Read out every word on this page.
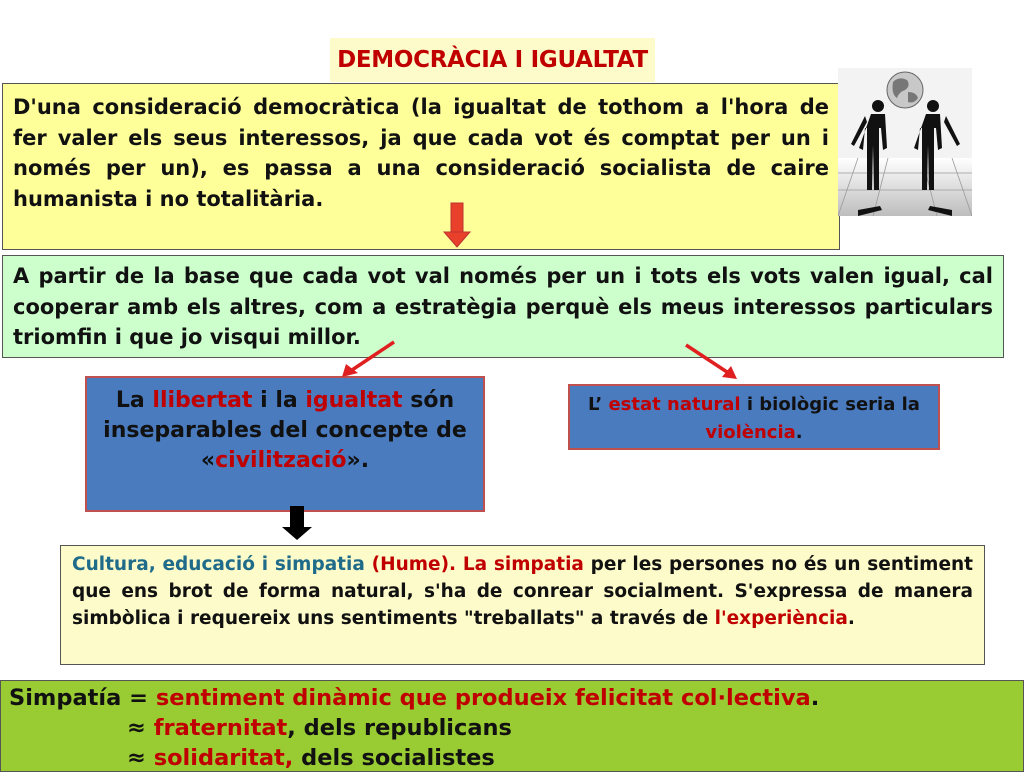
DEMOCRÀCIA I IGUALTAT
D'una consideració democràtica (la igualtat de tothom a l'hora de fer valer els seus interessos, ja que cada vot és comptat per un i només per un), es passa a una consideració socialista de caire humanista i no totalitària.
A partir de la base que cada vot val només per un i tots els vots valen igual, cal cooperar amb els altres, com a estratègia perquè els meus interessos particulars triomfin i que jo visqui millor.
La llibertat i la igualtat són inseparables del concepte de «civilització».
L’ estat natural i biològic seria la violència.
Cultura, educació i simpatia (Hume). La simpatia per les persones no és un sentiment que ens brot de forma natural, s'ha de conrear socialment. S'expressa de manera simbòlica i requereix uns sentiments "treballats" a través de l'experiència.
Simpatía = sentiment dinàmic que produeix felicitat col·lectiva.
≈ fraternitat, dels republicans
≈ solidaritat, dels socialistes
